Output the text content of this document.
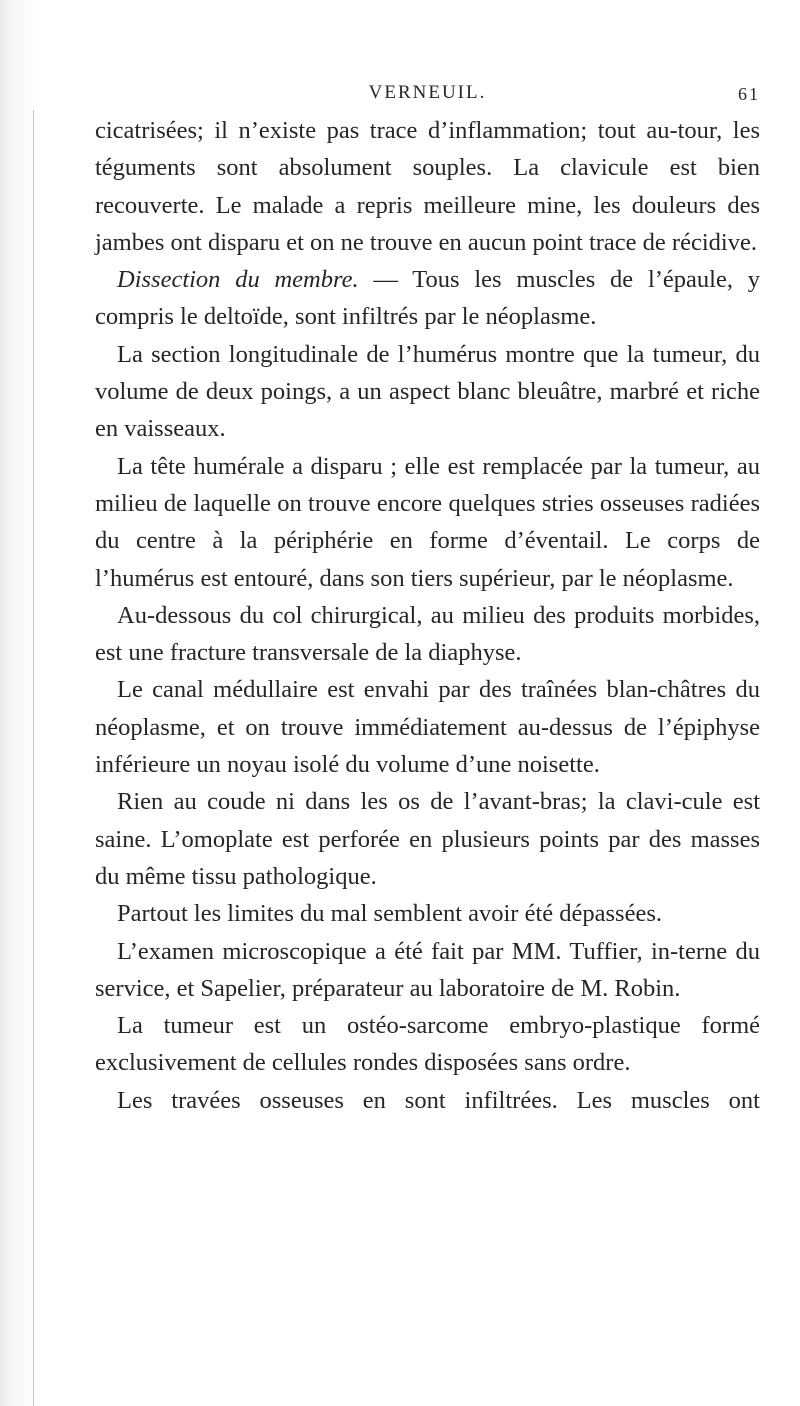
VERNEUIL.	61

cicatrisées; il n’existe pas trace d’inflammation; tout au-tour, les téguments sont absolument souples. La clavicule est bien recouverte. Le malade a repris meilleure mine, les douleurs des jambes ont disparu et on ne trouve en aucun point trace de récidive.

Dissection du membre. — Tous les muscles de l’épaule, y compris le deltoïde, sont infiltrés par le néoplasme.

La section longitudinale de l’humérus montre que la tumeur, du volume de deux poings, a un aspect blanc bleuâtre, marbré et riche en vaisseaux.

La tête humérale a disparu ; elle est remplacée par la tumeur, au milieu de laquelle on trouve encore quelques stries osseuses radiées du centre à la périphérie en forme d’éventail. Le corps de l’humérus est entouré, dans son tiers supérieur, par le néoplasme.

Au-dessous du col chirurgical, au milieu des produits morbides, est une fracture transversale de la diaphyse.

Le canal médullaire est envahi par des traînées blan-châtres du néoplasme, et on trouve immédiatement au-dessus de l’épiphyse inférieure un noyau isolé du volume d’une noisette.

Rien au coude ni dans les os de l’avant-bras; la clavi-cule est saine. L’omoplate est perforée en plusieurs points par des masses du même tissu pathologique.

Partout les limites du mal semblent avoir été dépassées.

L’examen microscopique a été fait par MM. Tuffier, in-terne du service, et Sapelier, préparateur au laboratoire de M. Robin.

La tumeur est un ostéo-sarcome embryo-plastique formé exclusivement de cellules rondes disposées sans ordre.

Les travées osseuses en sont infiltrées. Les muscles ont
